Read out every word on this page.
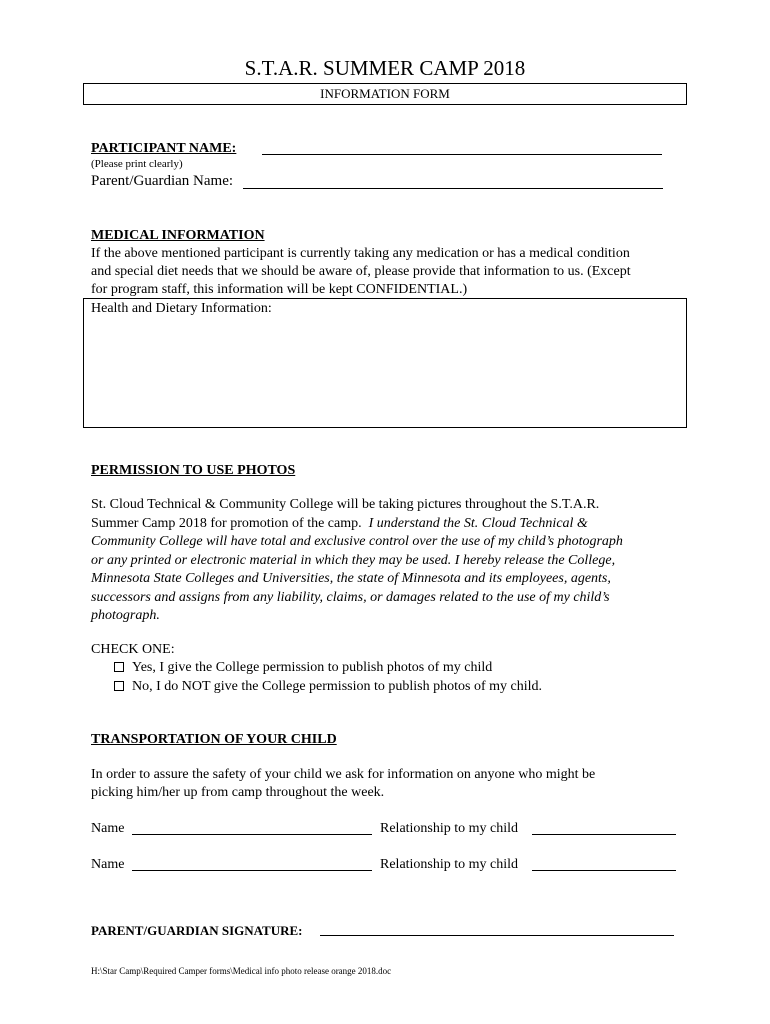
S.T.A.R. SUMMER CAMP 2018
INFORMATION FORM
PARTICIPANT NAME:
(Please print clearly)
Parent/Guardian Name:
MEDICAL INFORMATION
If the above mentioned participant is currently taking any medication or has a medical condition
and special diet needs that we should be aware of, please provide that information to us. (Except
for program staff, this information will be kept CONFIDENTIAL.)
Health and Dietary Information:
PERMISSION TO USE PHOTOS
St. Cloud Technical & Community College will be taking pictures throughout the S.T.A.R.
Summer Camp 2018 for promotion of the camp. I understand the St. Cloud Technical &
Community College will have total and exclusive control over the use of my child’s photograph
or any printed or electronic material in which they may be used. I hereby release the College,
Minnesota State Colleges and Universities, the state of Minnesota and its employees, agents,
successors and assigns from any liability, claims, or damages related to the use of my child’s
photograph.
CHECK ONE:
Yes, I give the College permission to publish photos of my child
No, I do NOT give the College permission to publish photos of my child.
TRANSPORTATION OF YOUR CHILD
In order to assure the safety of your child we ask for information on anyone who might be
picking him/her up from camp throughout the week.
Name	Relationship to my child
Name	Relationship to my child
PARENT/GUARDIAN SIGNATURE:
H:\Star Camp\Required Camper forms\Medical info photo release orange 2018.doc
